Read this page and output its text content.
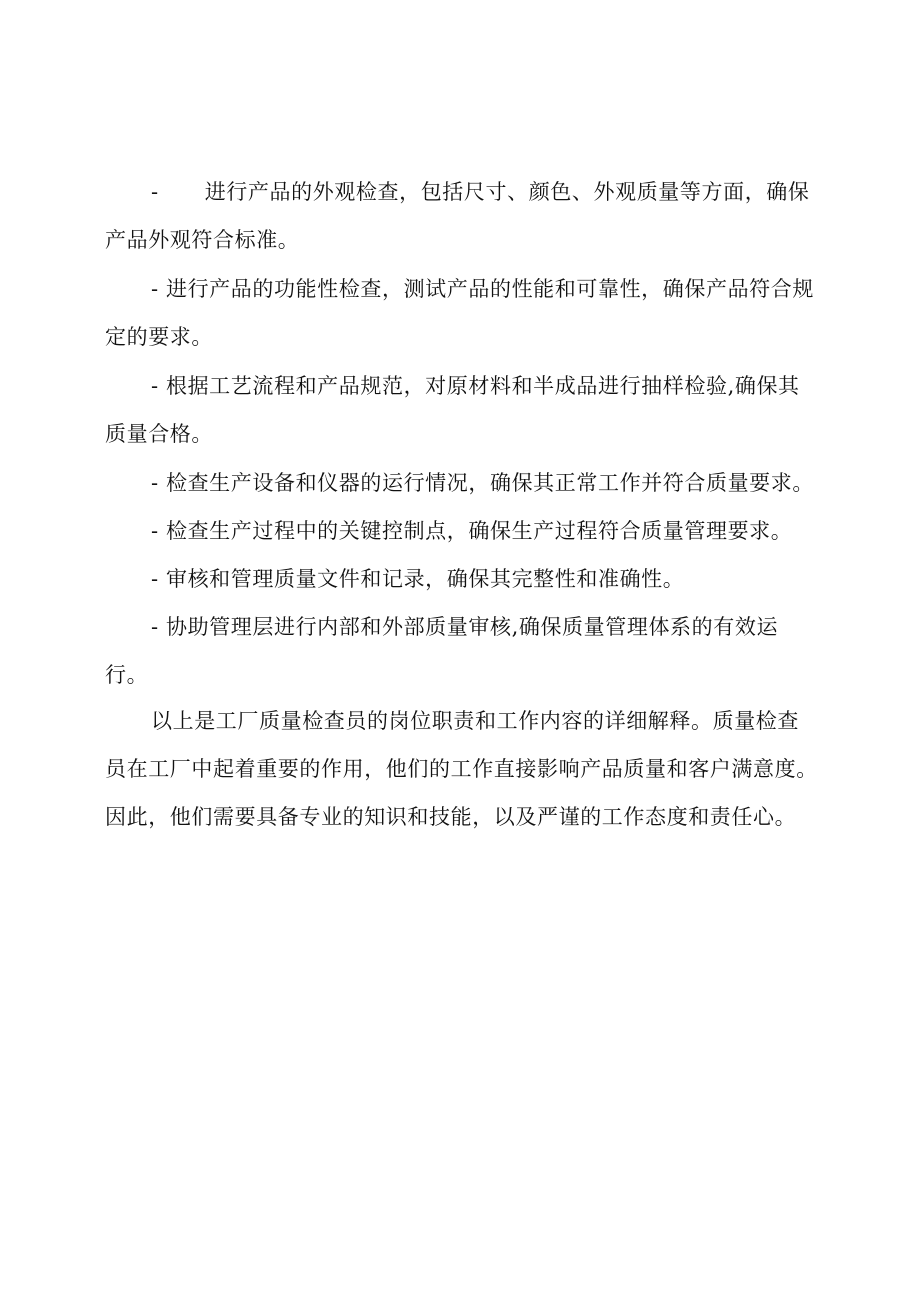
- 进行产品的外观检查，包括尺寸、颜色、外观质量等方面，确保产品外观符合标准。

- 进行产品的功能性检查，测试产品的性能和可靠性，确保产品符合规定的要求。

- 根据工艺流程和产品规范，对原材料和半成品进行抽样检验,确保其质量合格。

- 检查生产设备和仪器的运行情况，确保其正常工作并符合质量要求。

- 检查生产过程中的关键控制点，确保生产过程符合质量管理要求。

- 审核和管理质量文件和记录，确保其完整性和准确性。

- 协助管理层进行内部和外部质量审核,确保质量管理体系的有效运行。

以上是工厂质量检查员的岗位职责和工作内容的详细解释。质量检查员在工厂中起着重要的作用，他们的工作直接影响产品质量和客户满意度。因此，他们需要具备专业的知识和技能，以及严谨的工作态度和责任心。
